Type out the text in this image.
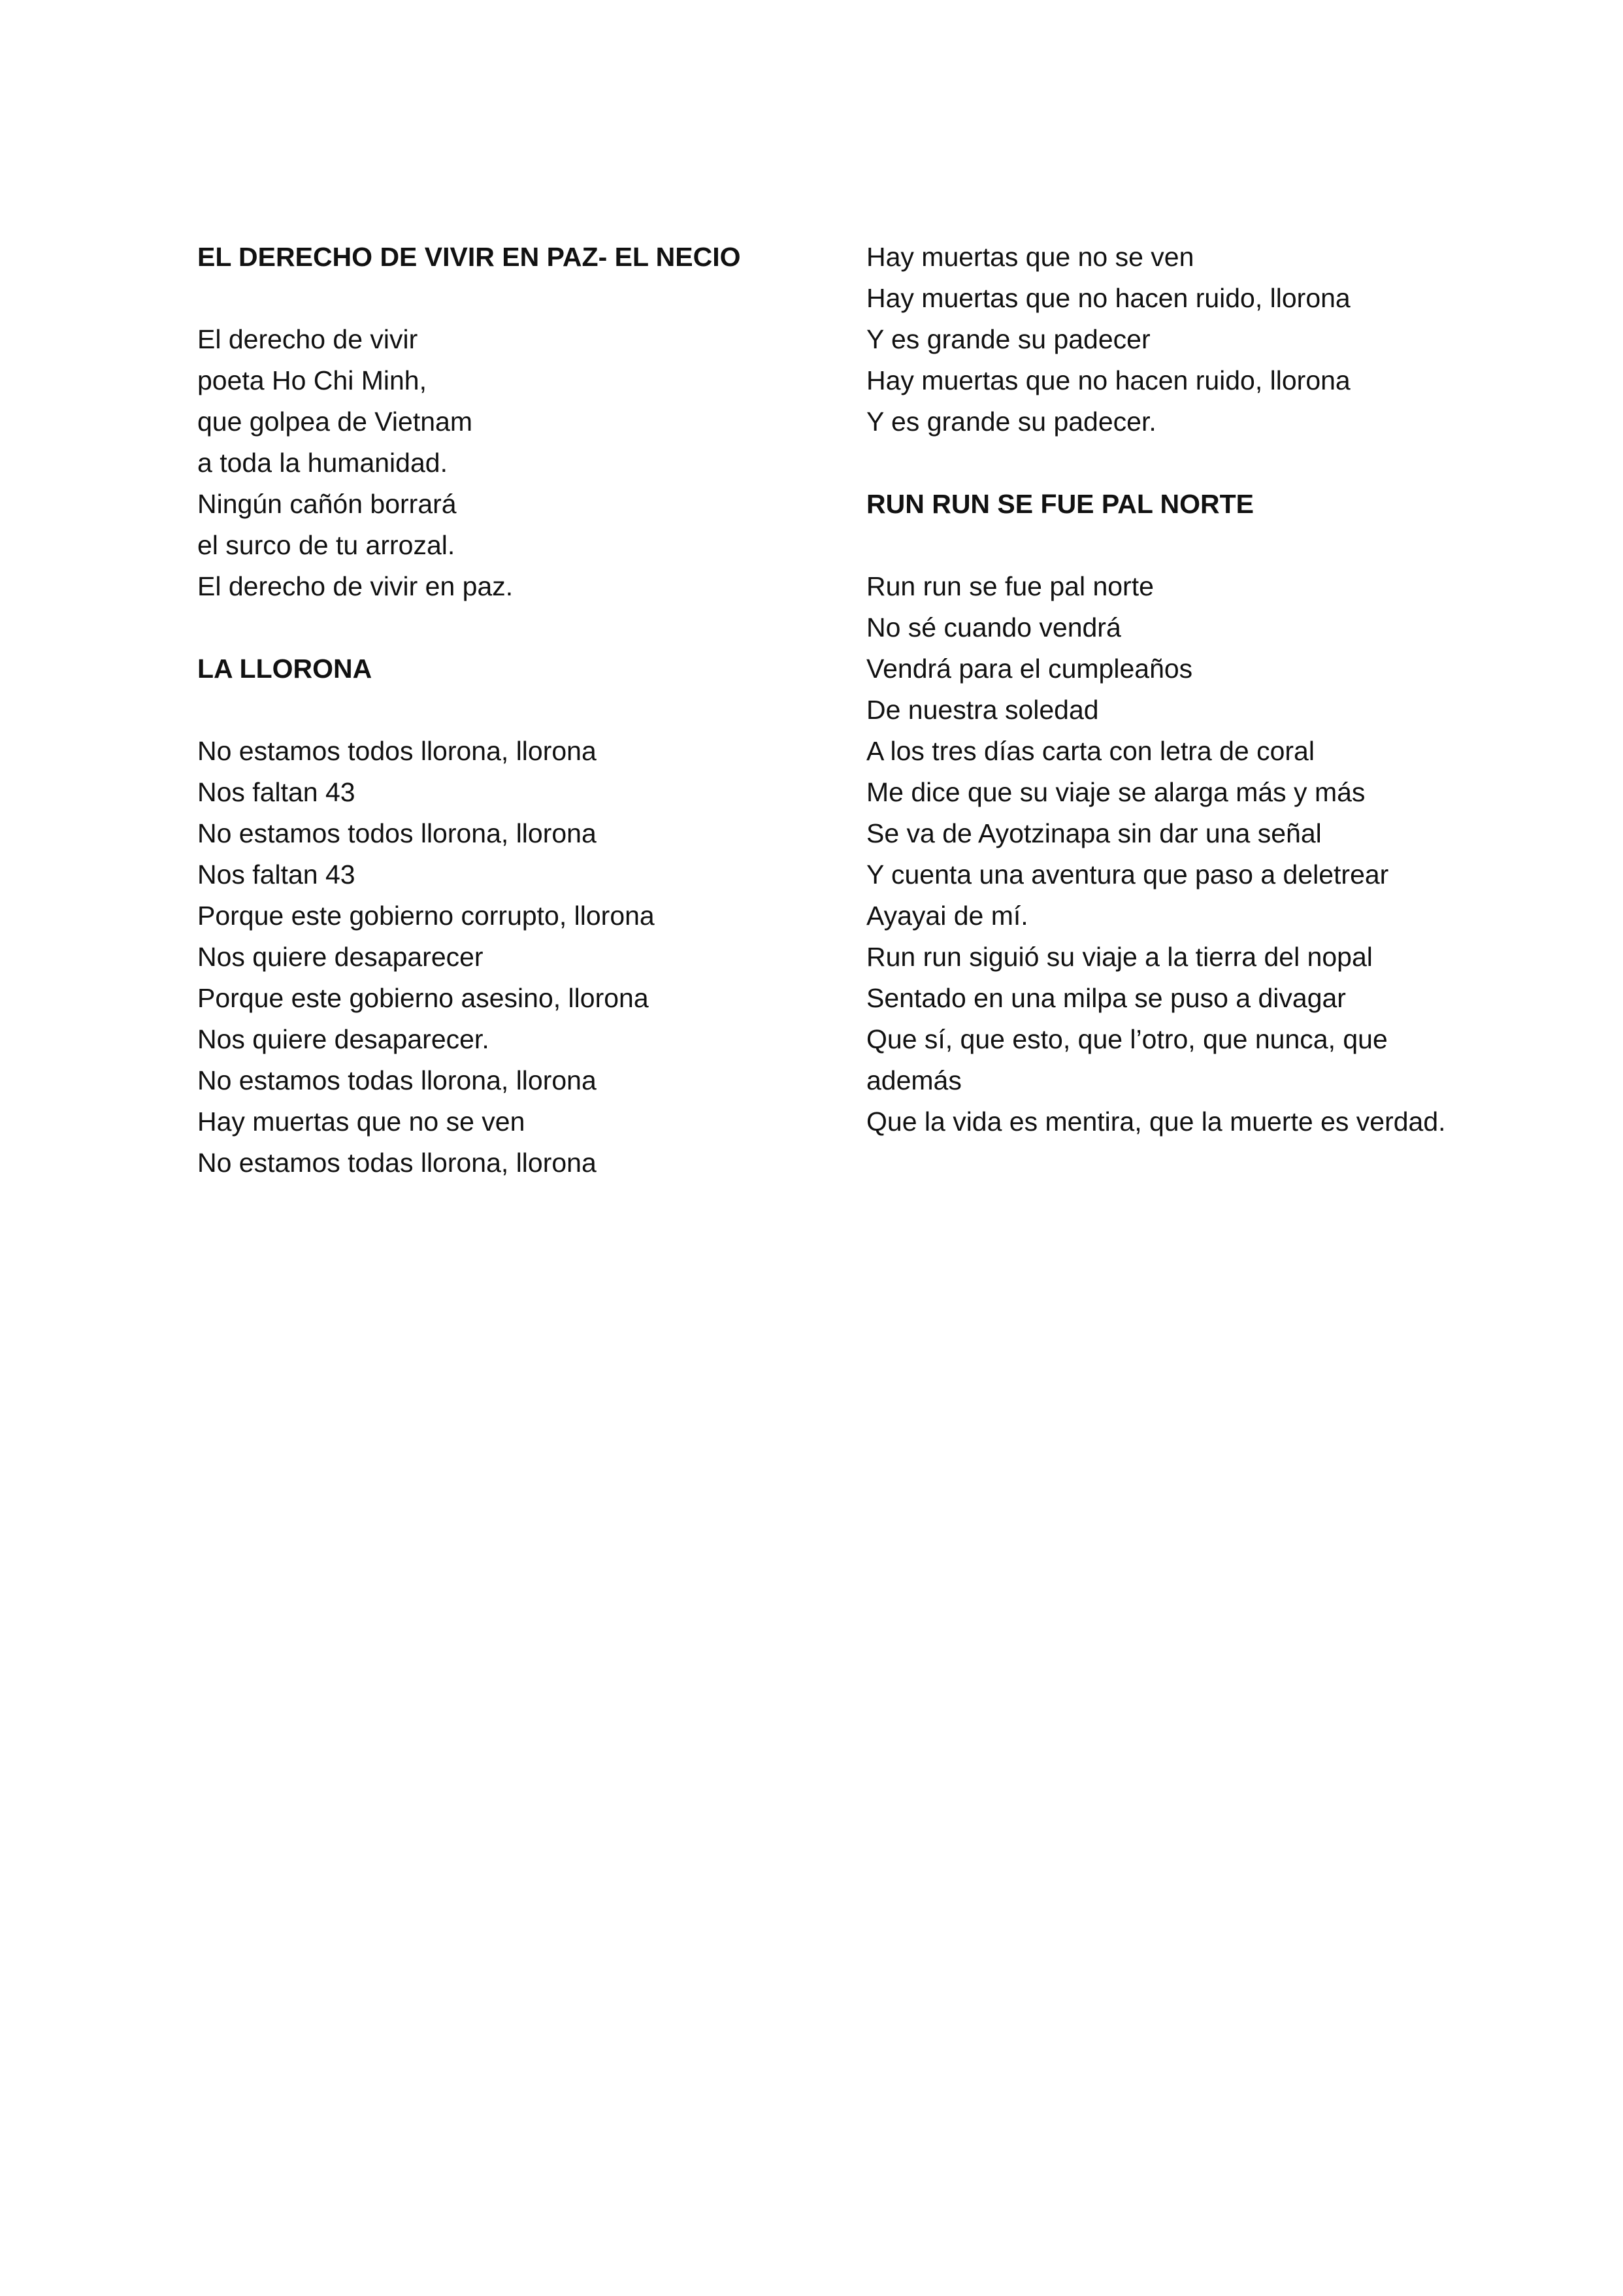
EL DERECHO DE VIVIR EN PAZ- EL NECIO
El derecho de vivir
poeta Ho Chi Minh,
que golpea de Vietnam
a toda la humanidad.
Ningún cañón borrará
el surco de tu arrozal.
El derecho de vivir en paz.
LA LLORONA
No estamos todos llorona, llorona
Nos faltan 43
No estamos todos llorona, llorona
Nos faltan 43
Porque este gobierno corrupto, llorona
Nos quiere desaparecer
Porque este gobierno asesino, llorona
Nos quiere desaparecer.
No estamos todas llorona, llorona
Hay muertas que no se ven
No estamos todas llorona, llorona
Hay muertas que no se ven
Hay muertas que no hacen ruido, llorona
Y es grande su padecer
Hay muertas que no hacen ruido, llorona
Y es grande su padecer.
RUN RUN SE FUE PAL NORTE
Run run se fue pal norte
No sé cuando vendrá
Vendrá para el cumpleaños
De nuestra soledad
A los tres días carta con letra de coral
Me dice que su viaje se alarga más y más
Se va de Ayotzinapa sin dar una señal
Y cuenta una aventura que paso a deletrear
Ayayai de mí.
Run run siguió su viaje a la tierra del nopal
Sentado en una milpa se puso a divagar
Que sí, que esto, que l’otro, que nunca, que además
Que la vida es mentira, que la muerte es verdad.
